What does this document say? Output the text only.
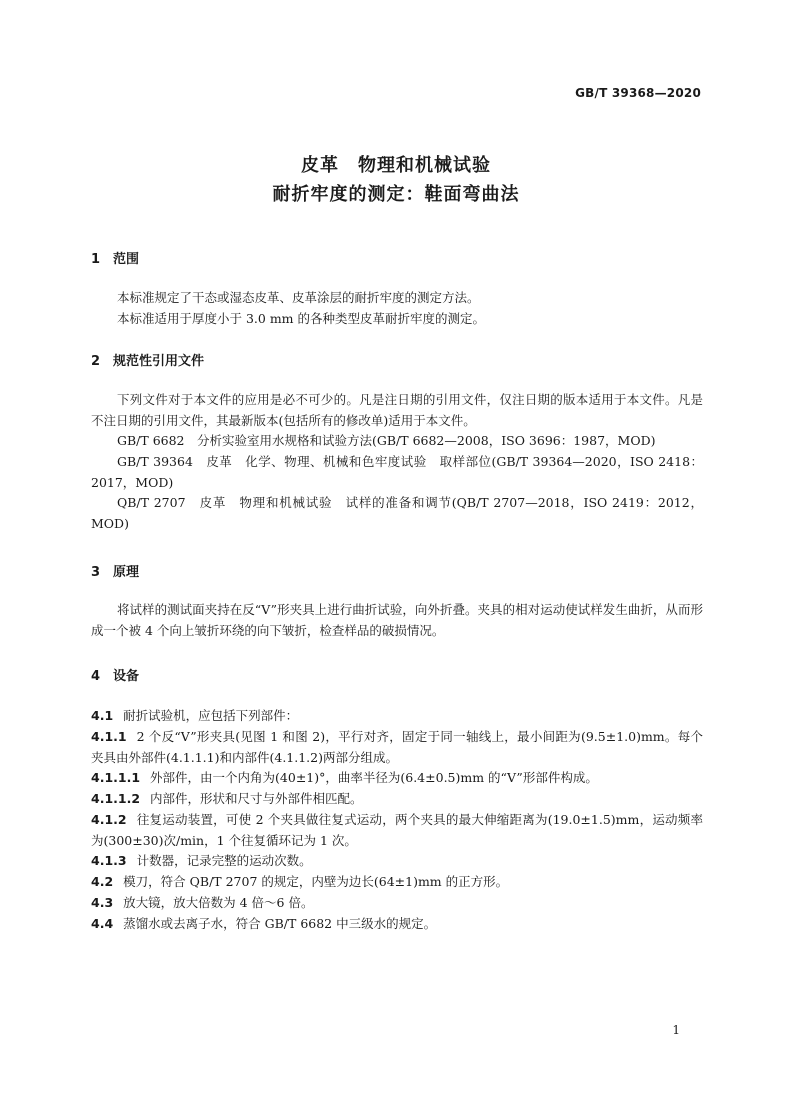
GB/T 39368—2020
皮革　物理和机械试验
耐折牢度的测定：鞋面弯曲法
1 范围
本标准规定了干态或湿态皮革、皮革涂层的耐折牢度的测定方法。
本标准适用于厚度小于 3.0 mm 的各种类型皮革耐折牢度的测定。
2 规范性引用文件
下列文件对于本文件的应用是必不可少的。凡是注日期的引用文件，仅注日期的版本适用于本文件。凡是不注日期的引用文件，其最新版本(包括所有的修改单)适用于本文件。
GB/T 6682　分析实验室用水规格和试验方法(GB/T 6682—2008，ISO 3696：1987，MOD)
GB/T 39364　皮革　化学、物理、机械和色牢度试验　取样部位(GB/T 39364—2020，ISO 2418：2017，MOD)
QB/T 2707　皮革　物理和机械试验　试样的准备和调节(QB/T 2707—2018，ISO 2419：2012，MOD)
3 原理
将试样的测试面夹持在反“V”形夹具上进行曲折试验，向外折叠。夹具的相对运动使试样发生曲折，从而形成一个被 4 个向上皱折环绕的向下皱折，检查样品的破损情况。
4 设备
4.1 耐折试验机，应包括下列部件：
4.1.1 2 个反“V”形夹具(见图 1 和图 2)，平行对齐，固定于同一轴线上，最小间距为(9.5±1.0)mm。每个夹具由外部件(4.1.1.1)和内部件(4.1.1.2)两部分组成。
4.1.1.1 外部件，由一个内角为(40±1)°，曲率半径为(6.4±0.5)mm 的“V”形部件构成。
4.1.1.2 内部件，形状和尺寸与外部件相匹配。
4.1.2 往复运动装置，可使 2 个夹具做往复式运动，两个夹具的最大伸缩距离为(19.0±1.5)mm，运动频率为(300±30)次/min，1 个往复循环记为 1 次。
4.1.3 计数器，记录完整的运动次数。
4.2 模刀，符合 QB/T 2707 的规定，内壁为边长(64±1)mm 的正方形。
4.3 放大镜，放大倍数为 4 倍～6 倍。
4.4 蒸馏水或去离子水，符合 GB/T 6682 中三级水的规定。
1
